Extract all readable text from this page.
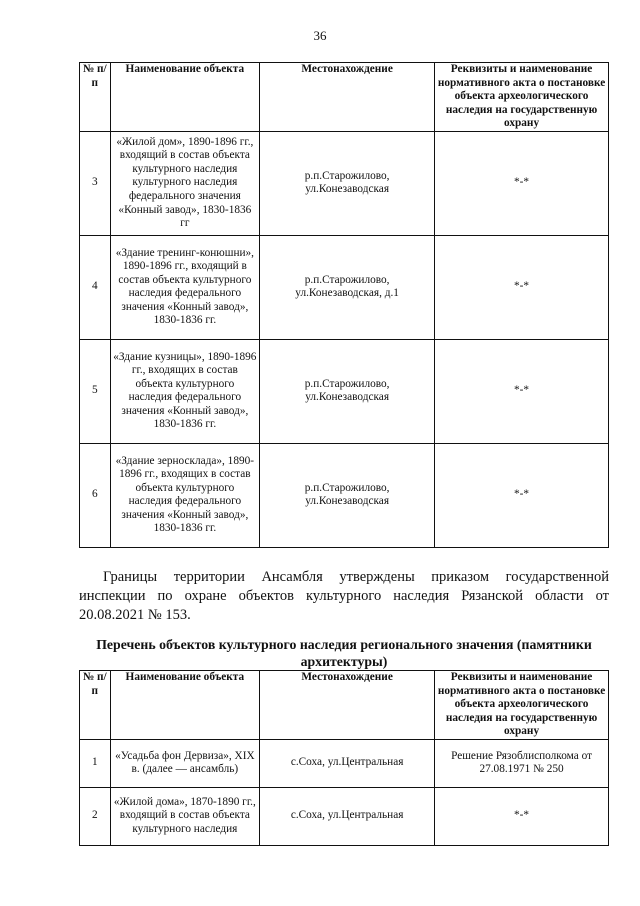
36
№ п/п	Наименование объекта	Местонахождение	Реквизиты и наименование нормативного акта о постановке объекта археологического наследия на государственную охрану
3	«Жилой дом», 1890-1896 гг., входящий в состав объекта культурного наследия культурного наследия федерального значения «Конный завод», 1830-1836 гг	р.п.Старожилово, ул.Конезаводская	*-*
4	«Здание тренинг-конюшни», 1890-1896 гг., входящий в состав объекта культурного наследия федерального значения «Конный завод», 1830-1836 гг.	р.п.Старожилово, ул.Конезаводская, д.1	*-*
5	«Здание кузницы», 1890-1896 гг., входящих в состав объекта культурного наследия федерального значения «Конный завод», 1830-1836 гг.	р.п.Старожилово, ул.Конезаводская	*-*
6	«Здание зерносклада», 1890-1896 гг., входящих в состав объекта культурного наследия федерального значения «Конный завод», 1830-1836 гг.	р.п.Старожилово, ул.Конезаводская	*-*
Границы территории Ансамбля утверждены приказом государственной инспекции по охране объектов культурного наследия Рязанской области от 20.08.2021 № 153.
Перечень объектов культурного наследия регионального значения (памятники архитектуры)
№ п/п	Наименование объекта	Местонахождение	Реквизиты и наименование нормативного акта о постановке объекта археологического наследия на государственную охрану
1	«Усадьба фон Дервиза», XIX в. (далее — ансамбль)	с.Соха, ул.Центральная	Решение Рязоблисполкома от 27.08.1971 № 250
2	«Жилой дома», 1870-1890 гг., входящий в состав объекта культурного наследия	с.Соха, ул.Центральная	*-*
